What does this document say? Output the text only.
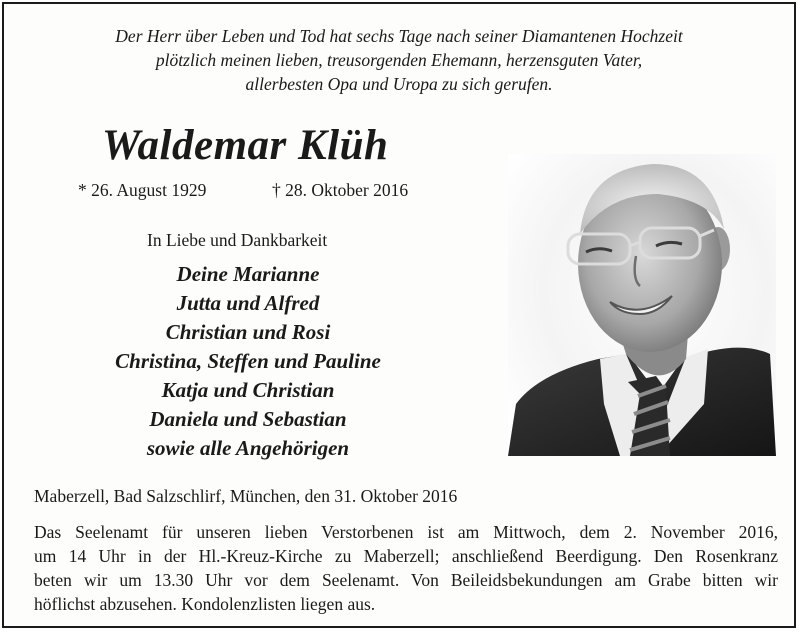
Der Herr über Leben und Tod hat sechs Tage nach seiner Diamantenen Hochzeit
plötzlich meinen lieben, treusorgenden Ehemann, herzensguten Vater,
allerbesten Opa und Uropa zu sich gerufen.
Waldemar Klüh
* 26. August 1929	† 28. Oktober 2016
In Liebe und Dankbarkeit
Deine Marianne
Jutta und Alfred
Christian und Rosi
Christina, Steffen und Pauline
Katja und Christian
Daniela und Sebastian
sowie alle Angehörigen
Maberzell, Bad Salzschlirf, München, den 31. Oktober 2016
Das Seelenamt für unseren lieben Verstorbenen ist am Mittwoch, dem 2. November 2016,
um 14 Uhr in der Hl.-Kreuz-Kirche zu Maberzell; anschließend Beerdigung. Den Rosenkranz
beten wir um 13.30 Uhr vor dem Seelenamt. Von Beileidsbekundungen am Grabe bitten wir
höflichst abzusehen. Kondolenzlisten liegen aus.
